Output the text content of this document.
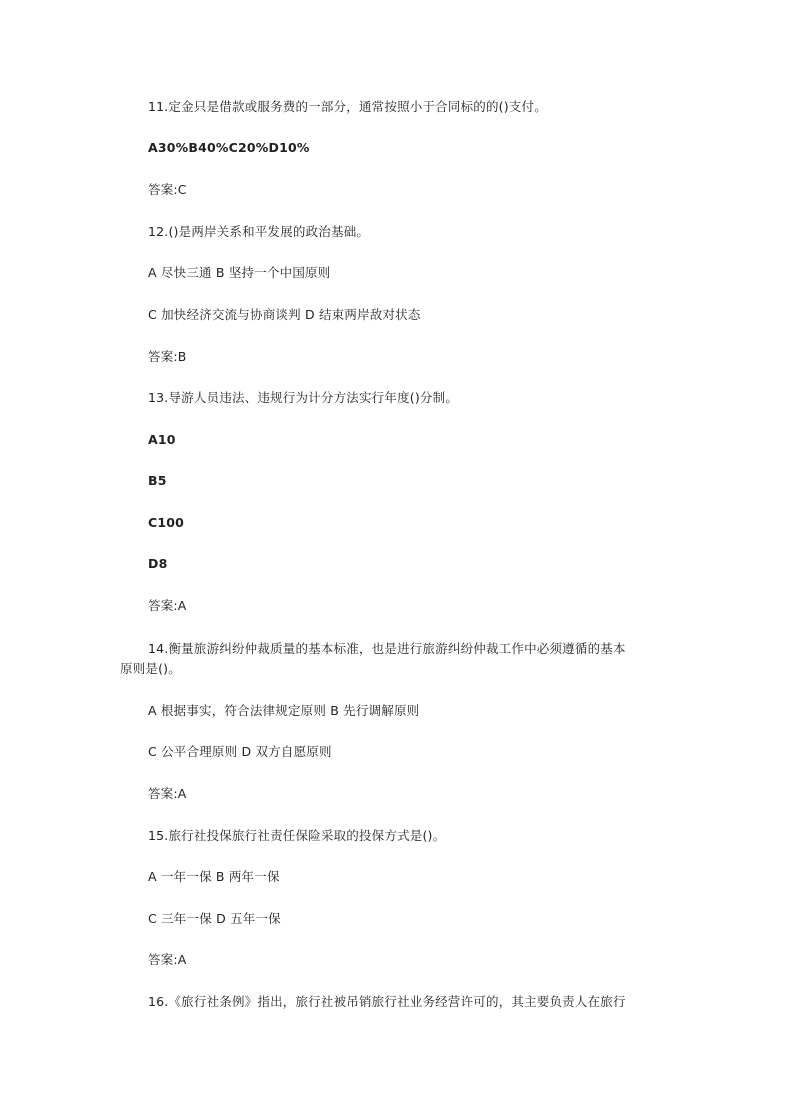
11.定金只是借款或服务费的一部分，通常按照小于合同标的的()支付。
A30%B40%C20%D10%
答案:C
12.()是两岸关系和平发展的政治基础。
A 尽快三通 B 坚持一个中国原则
C 加快经济交流与协商谈判 D 结束两岸敌对状态
答案:B
13.导游人员违法、违规行为计分方法实行年度()分制。
A10
B5
C100
D8
答案:A
14.衡量旅游纠纷仲裁质量的基本标准，也是进行旅游纠纷仲裁工作中必须遵循的基本
原则是()。
A 根据事实，符合法律规定原则 B 先行调解原则
C 公平合理原则 D 双方自愿原则
答案:A
15.旅行社投保旅行社责任保险采取的投保方式是()。
A 一年一保 B 两年一保
C 三年一保 D 五年一保
答案:A
16.《旅行社条例》指出，旅行社被吊销旅行社业务经营许可的，其主要负责人在旅行
